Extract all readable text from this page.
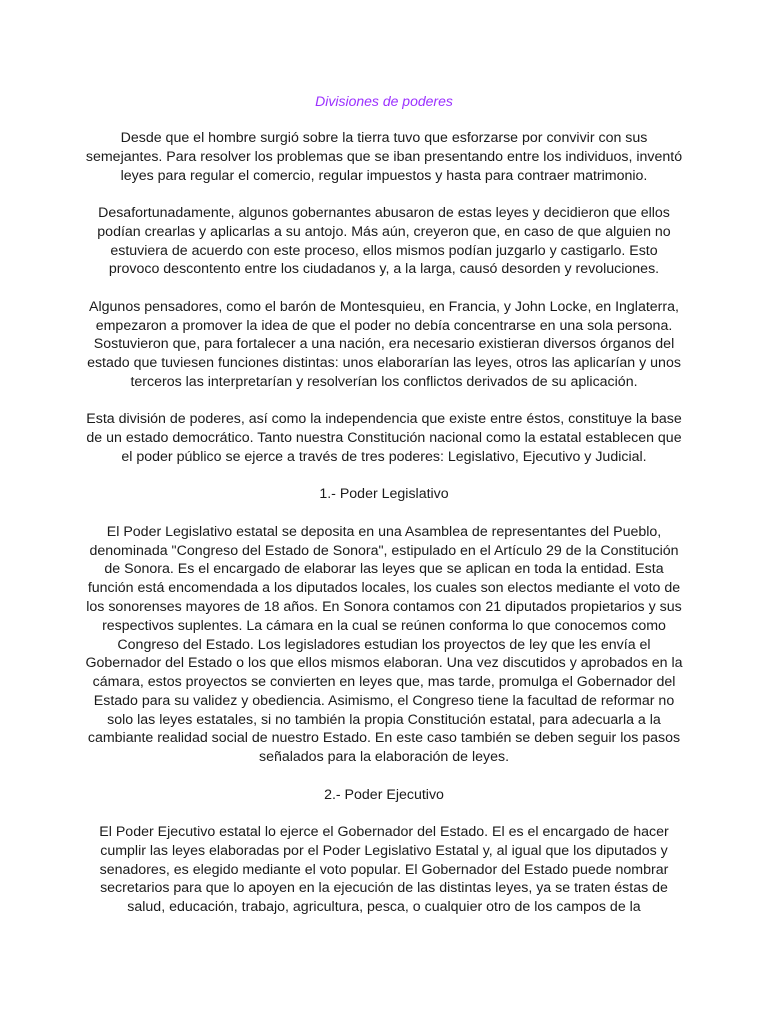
Divisiones de poderes

Desde que el hombre surgió sobre la tierra tuvo que esforzarse por convivir con sus semejantes. Para resolver los problemas que se iban presentando entre los individuos, inventó leyes para regular el comercio, regular impuestos y hasta para contraer matrimonio.

Desafortunadamente, algunos gobernantes abusaron de estas leyes y decidieron que ellos podían crearlas y aplicarlas a su antojo. Más aún, creyeron que, en caso de que alguien no estuviera de acuerdo con este proceso, ellos mismos podían juzgarlo y castigarlo. Esto provoco descontento entre los ciudadanos y, a la larga, causó desorden y revoluciones.

Algunos pensadores, como el barón de Montesquieu, en Francia, y John Locke, en Inglaterra, empezaron a promover la idea de que el poder no debía concentrarse en una sola persona. Sostuvieron que, para fortalecer a una nación, era necesario existieran diversos órganos del estado que tuviesen funciones distintas: unos elaborarían las leyes, otros las aplicarían y unos terceros las interpretarían y resolverían los conflictos derivados de su aplicación.

Esta división de poderes, así como la independencia que existe entre éstos, constituye la base de un estado democrático. Tanto nuestra Constitución nacional como la estatal establecen que el poder público se ejerce a través de tres poderes: Legislativo, Ejecutivo y Judicial.

1.- Poder Legislativo

El Poder Legislativo estatal se deposita en una Asamblea de representantes del Pueblo, denominada "Congreso del Estado de Sonora", estipulado en el Artículo 29 de la Constitución de Sonora. Es el encargado de elaborar las leyes que se aplican en toda la entidad. Esta función está encomendada a los diputados locales, los cuales son electos mediante el voto de los sonorenses mayores de 18 años. En Sonora contamos con 21 diputados propietarios y sus respectivos suplentes. La cámara en la cual se reúnen conforma lo que conocemos como Congreso del Estado. Los legisladores estudian los proyectos de ley que les envía el Gobernador del Estado o los que ellos mismos elaboran. Una vez discutidos y aprobados en la cámara, estos proyectos se convierten en leyes que, mas tarde, promulga el Gobernador del Estado para su validez y obediencia. Asimismo, el Congreso tiene la facultad de reformar no solo las leyes estatales, si no también la propia Constitución estatal, para adecuarla a la cambiante realidad social de nuestro Estado. En este caso también se deben seguir los pasos señalados para la elaboración de leyes.

2.- Poder Ejecutivo

El Poder Ejecutivo estatal lo ejerce el Gobernador del Estado. El es el encargado de hacer cumplir las leyes elaboradas por el Poder Legislativo Estatal y, al igual que los diputados y senadores, es elegido mediante el voto popular. El Gobernador del Estado puede nombrar secretarios para que lo apoyen en la ejecución de las distintas leyes, ya se traten éstas de salud, educación, trabajo, agricultura, pesca, o cualquier otro de los campos de la
